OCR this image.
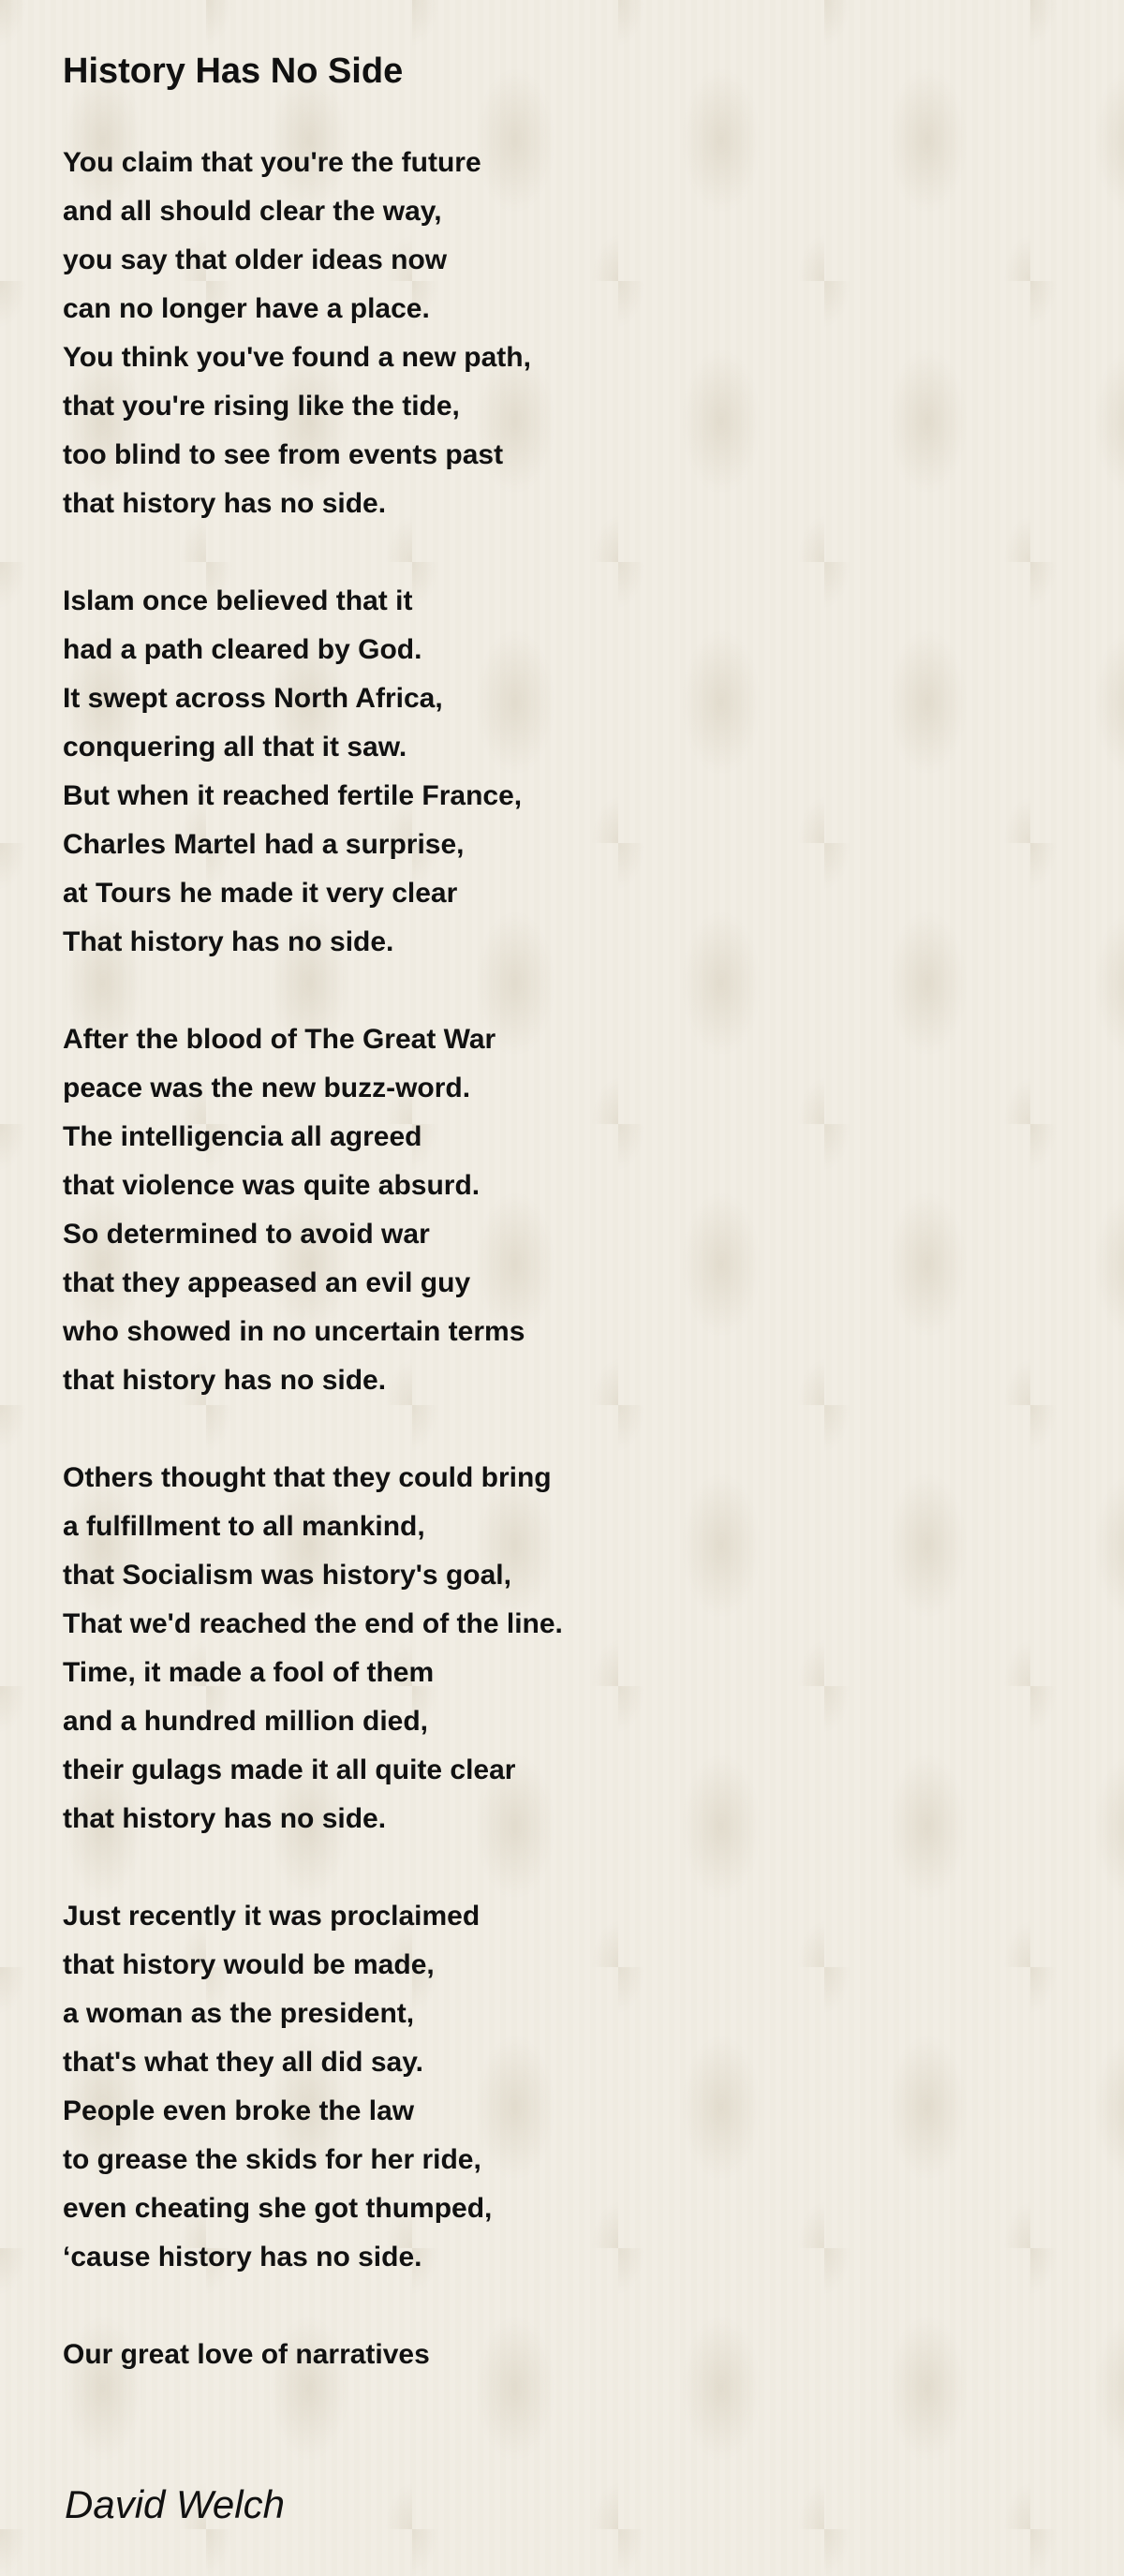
History Has No Side
You claim that you're the future
and all should clear the way,
you say that older ideas now
can no longer have a place.
You think you've found a new path,
that you're rising like the tide,
too blind to see from events past
that history has no side.
Islam once believed that it
had a path cleared by God.
It swept across North Africa,
conquering all that it saw.
But when it reached fertile France,
Charles Martel had a surprise,
at Tours he made it very clear
That history has no side.
After the blood of The Great War
peace was the new buzz-word.
The intelligencia all agreed
that violence was quite absurd.
So determined to avoid war
that they appeased an evil guy
who showed in no uncertain terms
that history has no side.
Others thought that they could bring
a fulfillment to all mankind,
that Socialism was history's goal,
That we'd reached the end of the line.
Time, it made a fool of them
and a hundred million died,
their gulags made it all quite clear
that history has no side.
Just recently it was proclaimed
that history would be made,
a woman as the president,
that's what they all did say.
People even broke the law
to grease the skids for her ride,
even cheating she got thumped,
‘cause history has no side.
Our great love of narratives

David Welch
